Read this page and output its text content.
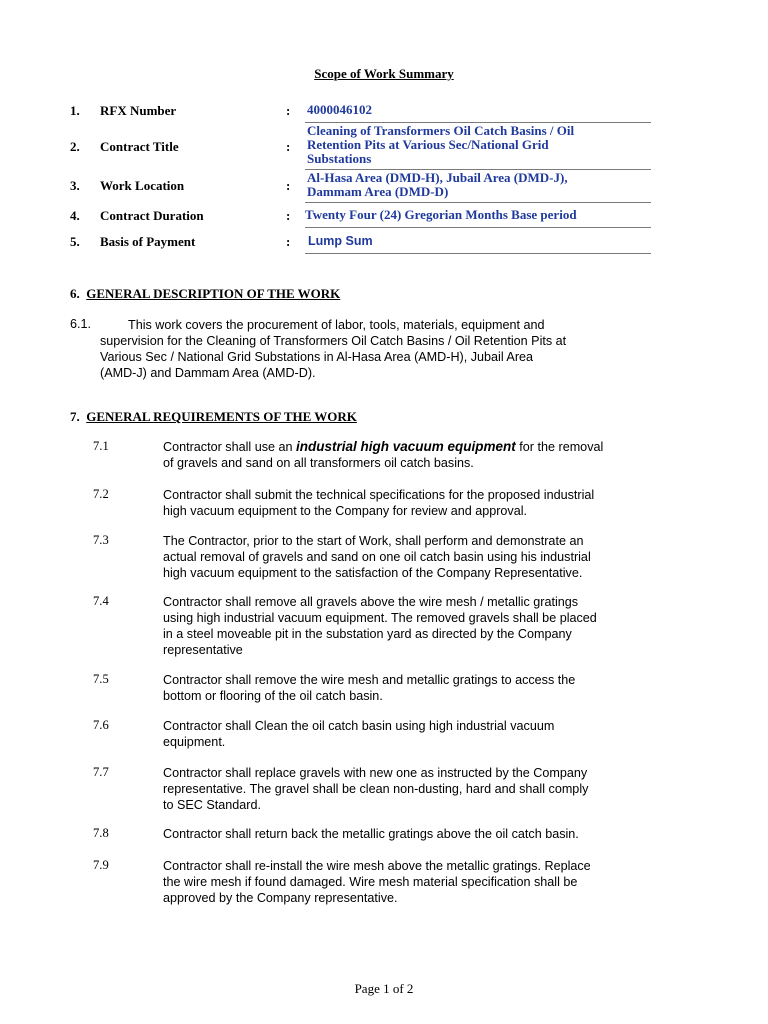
Scope of Work Summary
1. RFX Number	: 4000046102
2. Contract Title	:
Cleaning of Transformers Oil Catch Basins / Oil
Retention Pits at Various Sec/National Grid
Substations
3. Work Location	:
Al-Hasa Area (DMD-H), Jubail Area (DMD-J),
Dammam Area (DMD-D)
4. Contract Duration	: Twenty Four (24) Gregorian Months Base period
5. Basis of Payment	: Lump Sum
6. GENERAL DESCRIPTION OF THE WORK
6.1.	This work covers the procurement of labor, tools, materials, equipment and
supervision for the Cleaning of Transformers Oil Catch Basins / Oil Retention Pits at
Various Sec / National Grid Substations in Al-Hasa Area (AMD-H), Jubail Area
(AMD-J) and Dammam Area (AMD-D).
7. GENERAL REQUIREMENTS OF THE WORK
7.1	Contractor shall use an industrial high vacuum equipment for the removal
of gravels and sand on all transformers oil catch basins.
7.2	Contractor shall submit the technical specifications for the proposed industrial
high vacuum equipment to the Company for review and approval.
7.3	The Contractor, prior to the start of Work, shall perform and demonstrate an
actual removal of gravels and sand on one oil catch basin using his industrial
high vacuum equipment to the satisfaction of the Company Representative.
7.4	Contractor shall remove all gravels above the wire mesh / metallic gratings
using high industrial vacuum equipment. The removed gravels shall be placed
in a steel moveable pit in the substation yard as directed by the Company
representative
7.5	Contractor shall remove the wire mesh and metallic gratings to access the
bottom or flooring of the oil catch basin.
7.6	Contractor shall Clean the oil catch basin using high industrial vacuum
equipment.
7.7	Contractor shall replace gravels with new one as instructed by the Company
representative. The gravel shall be clean non-dusting, hard and shall comply
to SEC Standard.
7.8	Contractor shall return back the metallic gratings above the oil catch basin.
7.9	Contractor shall re-install the wire mesh above the metallic gratings. Replace
the wire mesh if found damaged. Wire mesh material specification shall be
approved by the Company representative.
Page 1 of 2
